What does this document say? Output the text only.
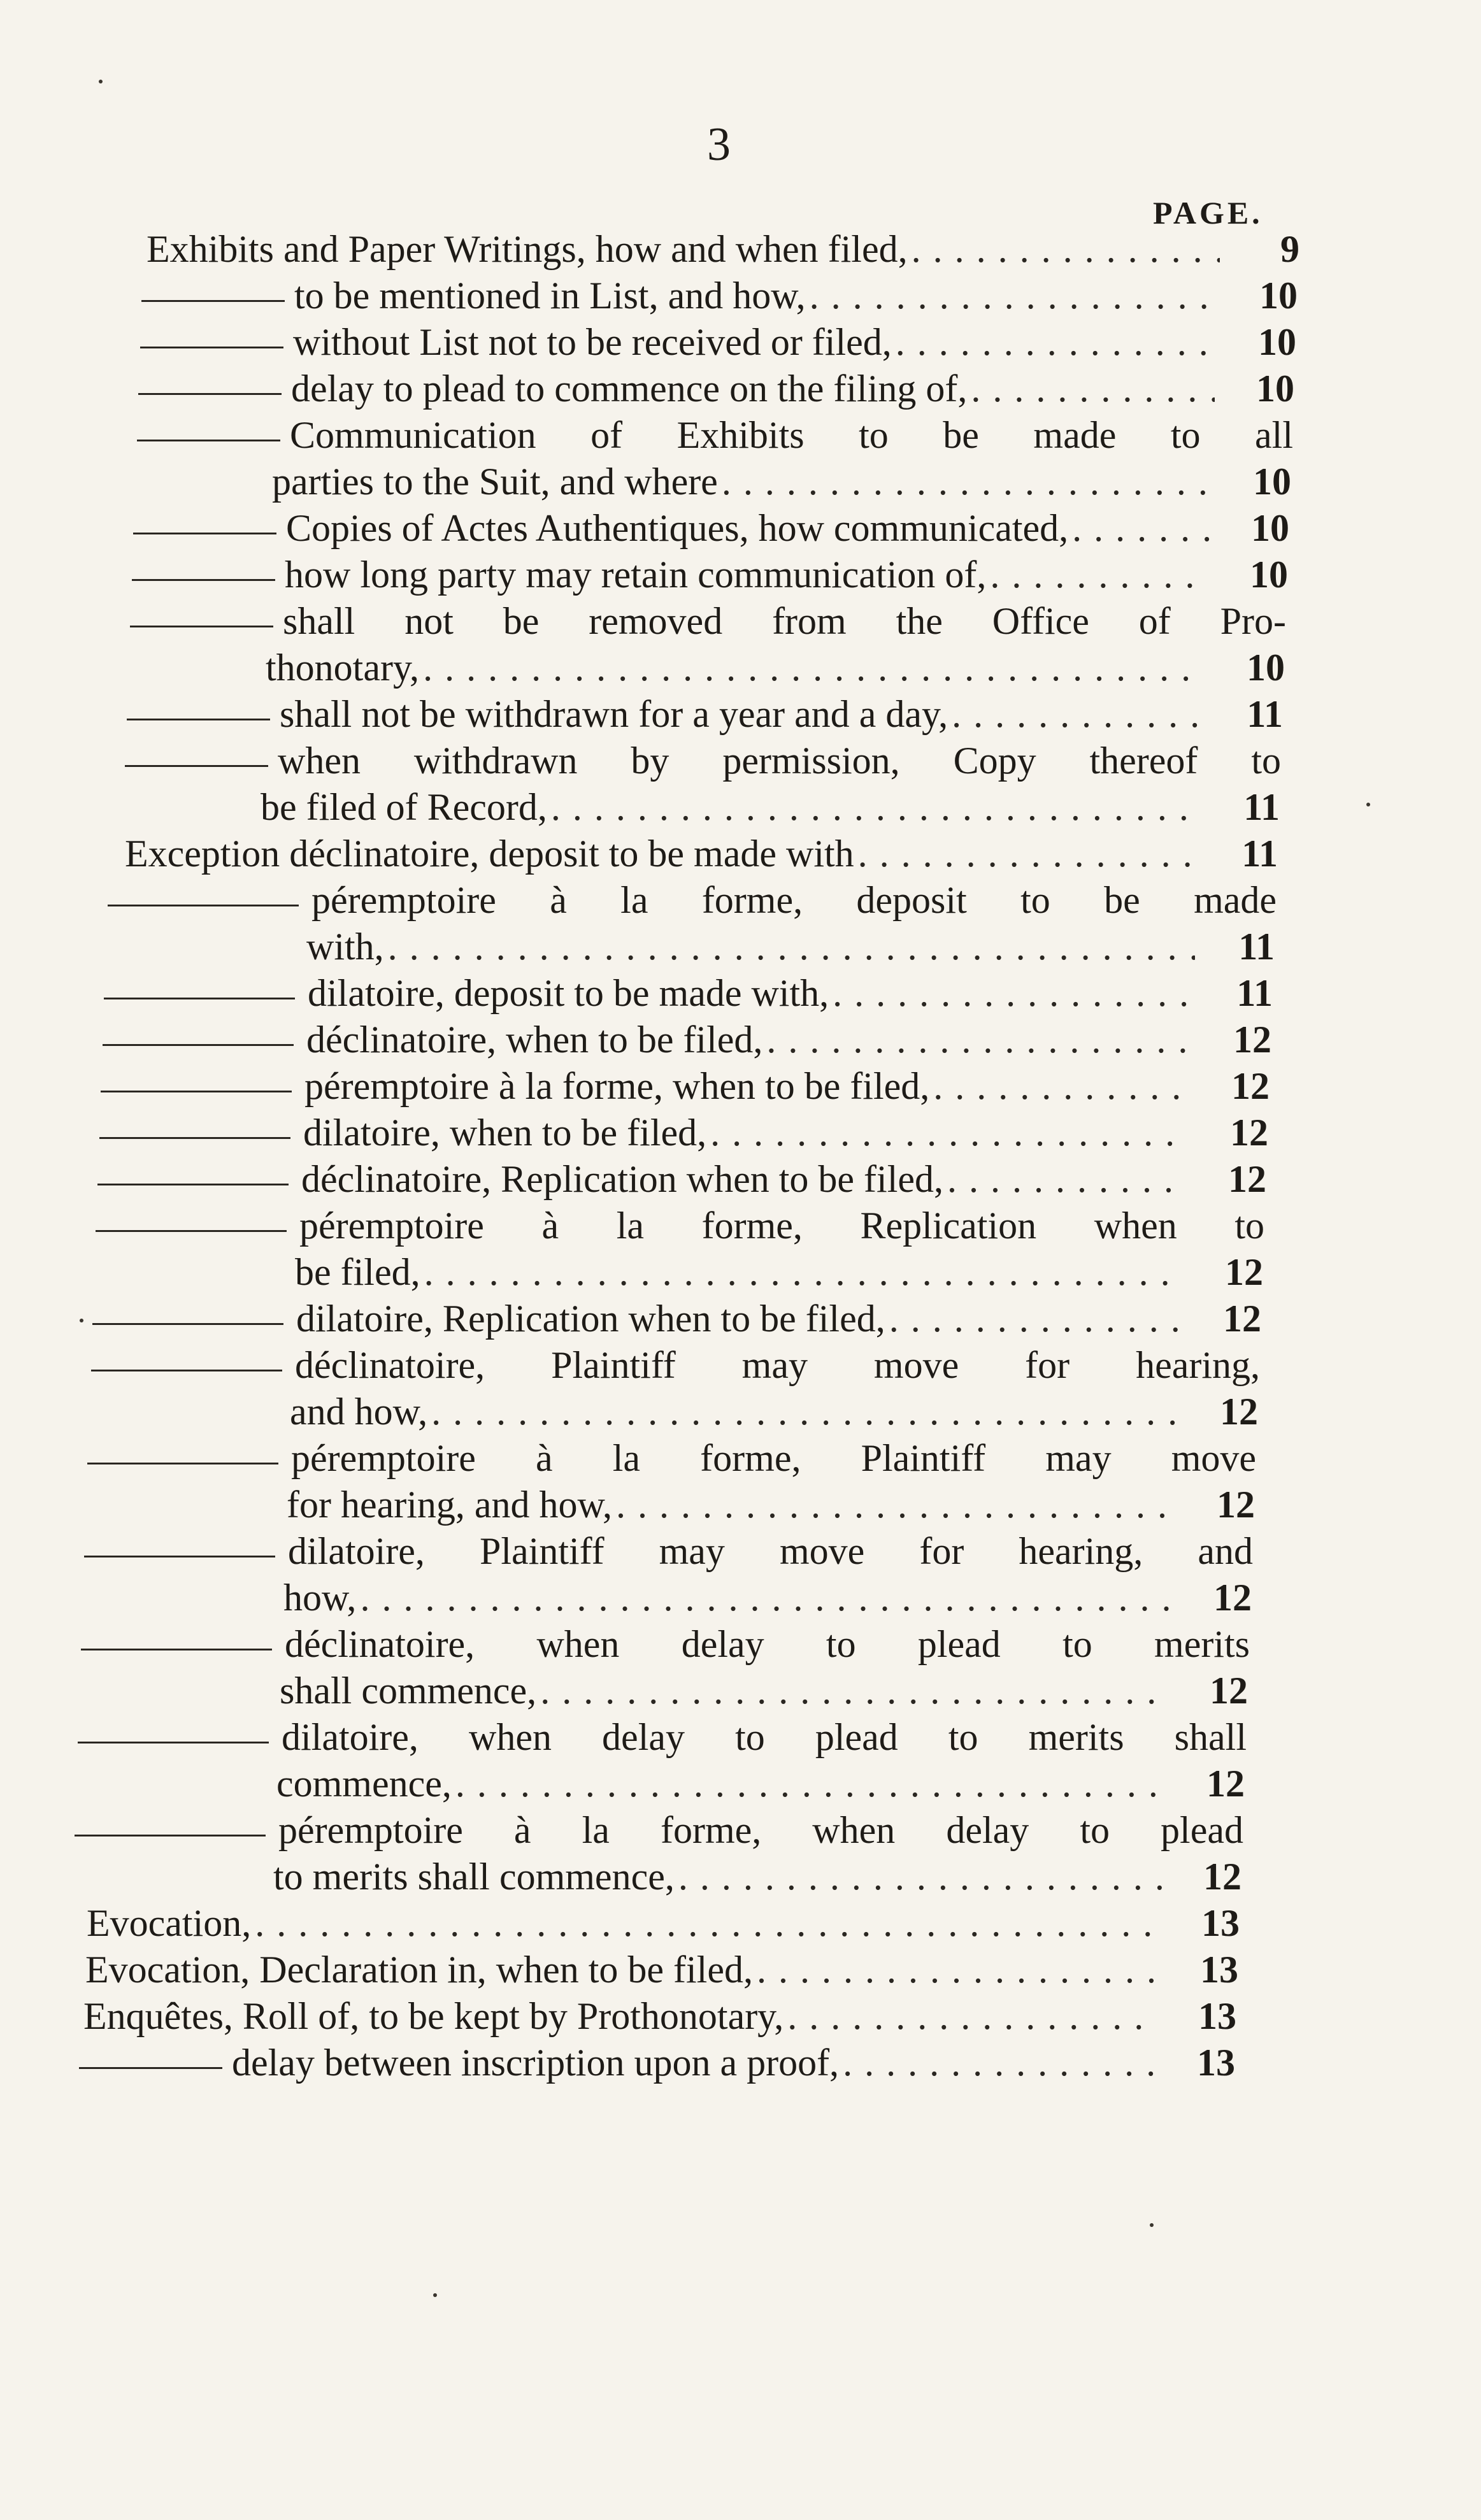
3
PAGE.
Exhibits and Paper Writings, how and when filed, . . .	9
to be mentioned in List, and how, . . .	10
without List not to be received or filed, . . .	10
delay to plead to commence on the filing of, . . .	10
Communication of Exhibits to be made to all
parties to the Suit, and where . . .	10
Copies of Actes Authentiques, how communicated, . . .	10
how long party may retain communication of, . . .	10
shall not be removed from the Office of Pro-
thonotary, . . .	10
shall not be withdrawn for a year and a day, . . .	11
when withdrawn by permission, Copy thereof to
be filed of Record, . . .	11
Exception déclinatoire, deposit to be made with . . .	11
péremptoire à la forme, deposit to be made
with, . . .	11
dilatoire, deposit to be made with, . . .	11
déclinatoire, when to be filed, . . .	12
péremptoire à la forme, when to be filed, . . .	12
dilatoire, when to be filed, . . .	12
déclinatoire, Replication when to be filed, . . .	12
péremptoire à la forme, Replication when to
be filed, . . .	12
dilatoire, Replication when to be filed, . . .	12
déclinatoire, Plaintiff may move for hearing,
and how, . . .	12
péremptoire à la forme, Plaintiff may move
for hearing, and how, . . .	12
dilatoire, Plaintiff may move for hearing, and
how, . . .	12
déclinatoire, when delay to plead to merits
shall commence, . . .	12
dilatoire, when delay to plead to merits shall
commence, . . .	12
péremptoire à la forme, when delay to plead
to merits shall commence, . . .	12
Evocation, . . .	13
Evocation, Declaration in, when to be filed, . . .	13
Enquêtes, Roll of, to be kept by Prothonotary, . . .	13
delay between inscription upon a proof, . . .	13
